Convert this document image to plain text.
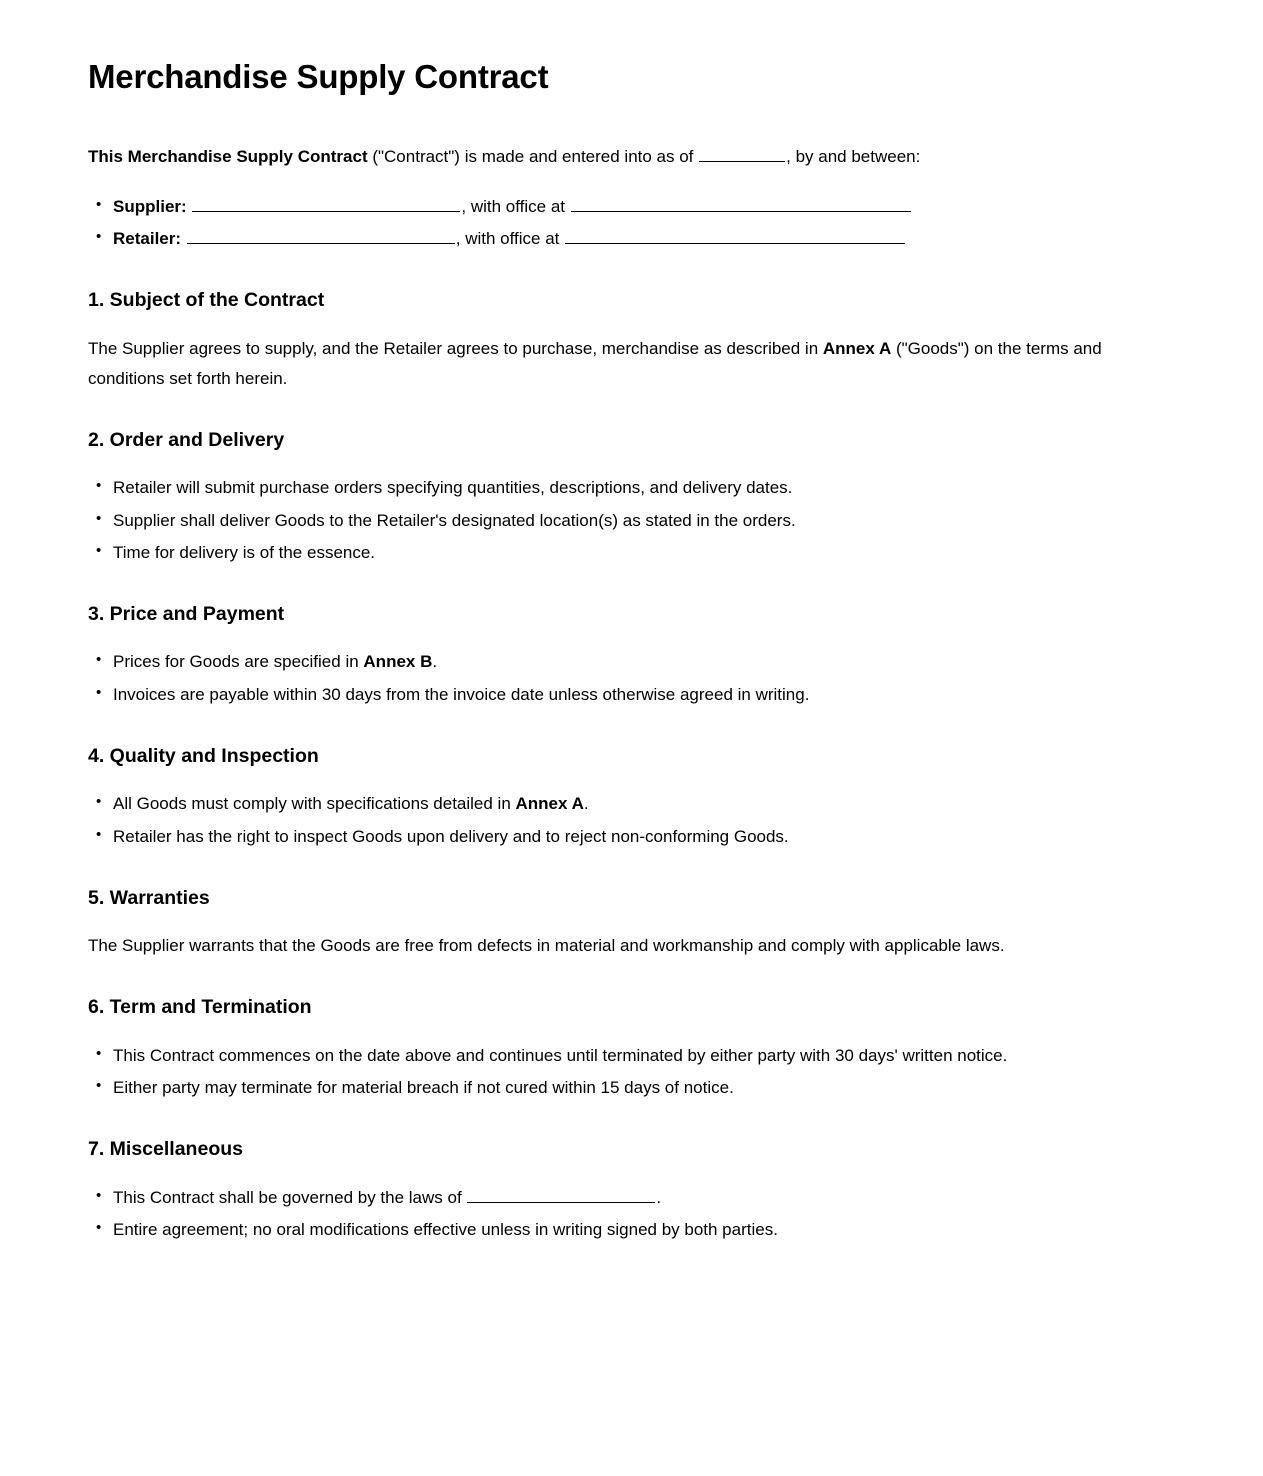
Merchandise Supply Contract

This Merchandise Supply Contract ("Contract") is made and entered into as of	, by and between:

• Supplier:	, with office at
• Retailer:	, with office at
1. Subject of the Contract

The Supplier agrees to supply, and the Retailer agrees to purchase, merchandise as described in Annex A ("Goods") on the terms and conditions set forth herein.

2. Order and Delivery
• Retailer will submit purchase orders specifying quantities, descriptions, and delivery dates.
• Supplier shall deliver Goods to the Retailer's designated location(s) as stated in the orders.
• Time for delivery is of the essence.
3. Price and Payment
• Prices for Goods are specified in Annex B.
• Invoices are payable within 30 days from the invoice date unless otherwise agreed in writing.
4. Quality and Inspection
• All Goods must comply with specifications detailed in Annex A.
• Retailer has the right to inspect Goods upon delivery and to reject non-conforming Goods.
5. Warranties

The Supplier warrants that the Goods are free from defects in material and workmanship and comply with applicable laws.

6. Term and Termination
• This Contract commences on the date above and continues until terminated by either party with 30 days' written notice.
• Either party may terminate for material breach if not cured within 15 days of notice.
7. Miscellaneous
• This Contract shall be governed by the laws of	.
• Entire agreement; no oral modifications effective unless in writing signed by both parties.
